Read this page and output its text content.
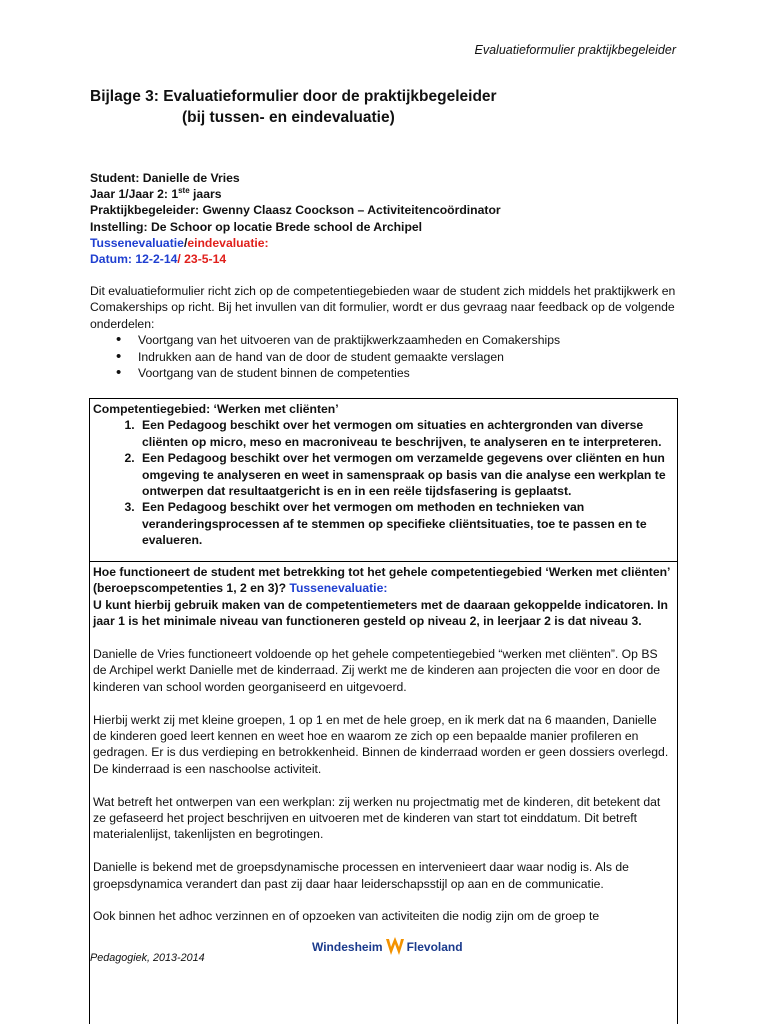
Evaluatieformulier praktijkbegeleider
Bijlage 3: Evaluatieformulier door de praktijkbegeleider
(bij tussen- en eindevaluatie)
Student: Danielle de Vries
Jaar 1/Jaar 2: 1ste jaars
Praktijkbegeleider: Gwenny Claasz Coockson – Activiteitencoördinator
Instelling: De Schoor op locatie Brede school de Archipel
Tussenevaluatie/eindevaluatie:
Datum: 12-2-14/ 23-5-14

Dit evaluatieformulier richt zich op de competentiegebieden waar de student zich middels het praktijkwerk en Comakerships op richt. Bij het invullen van dit formulier, wordt er dus gevraag naar feedback op de volgende onderdelen:

• Voortgang van het uitvoeren van de praktijkwerkzaamheden en Comakerships
• Indrukken aan de hand van de door de student gemaakte verslagen
• Voortgang van de student binnen de competenties

Competentiegebied: ‘Werken met cliënten’

1. Een Pedagoog beschikt over het vermogen om situaties en achtergronden van diverse cliënten op micro, meso en macroniveau te beschrijven, te analyseren en te interpreteren.
2. Een Pedagoog beschikt over het vermogen om verzamelde gegevens over cliënten en hun omgeving te analyseren en weet in samenspraak op basis van die analyse een werkplan te ontwerpen dat resultaatgericht is en in een reële tijdsfasering is geplaatst.
3. Een Pedagoog beschikt over het vermogen om methoden en technieken van veranderingsprocessen af te stemmen op specifieke cliëntsituaties, toe te passen en te evalueren.

Hoe functioneert de student met betrekking tot het gehele competentiegebied ‘Werken met cliënten’ (beroepscompetenties 1, 2 en 3)? Tussenevaluatie:

U kunt hierbij gebruik maken van de competentiemeters met de daaraan gekoppelde indicatoren. In jaar 1 is het minimale niveau van functioneren gesteld op niveau 2, in leerjaar 2 is dat niveau 3.

Danielle de Vries functioneert voldoende op het gehele competentiegebied “werken met cliënten”. Op BS de Archipel werkt Danielle met de kinderraad. Zij werkt me de kinderen aan projecten die voor en door de kinderen van school worden georganiseerd en uitgevoerd.

Hierbij werkt zij met kleine groepen, 1 op 1 en met de hele groep, en ik merk dat na 6 maanden, Danielle de kinderen goed leert kennen en weet hoe en waarom ze zich op een bepaalde manier profileren en gedragen. Er is dus verdieping en betrokkenheid. Binnen de kinderraad worden er geen dossiers overlegd. De kinderraad is een naschoolse activiteit.

Wat betreft het ontwerpen van een werkplan: zij werken nu projectmatig met de kinderen, dit betekent dat ze gefaseerd het project beschrijven en uitvoeren met de kinderen van start tot einddatum. Dit betreft materialenlijst, takenlijsten en begrotingen.

Danielle is bekend met de groepsdynamische processen en intervenieert daar waar nodig is. Als de groepsdynamica verandert dan past zij daar haar leiderschapsstijl op aan en de communicatie.

Ook binnen het adhoc verzinnen en of opzoeken van activiteiten die nodig zijn om de groep te

Pedagogiek, 2013-2014
Windesheim Flevoland
